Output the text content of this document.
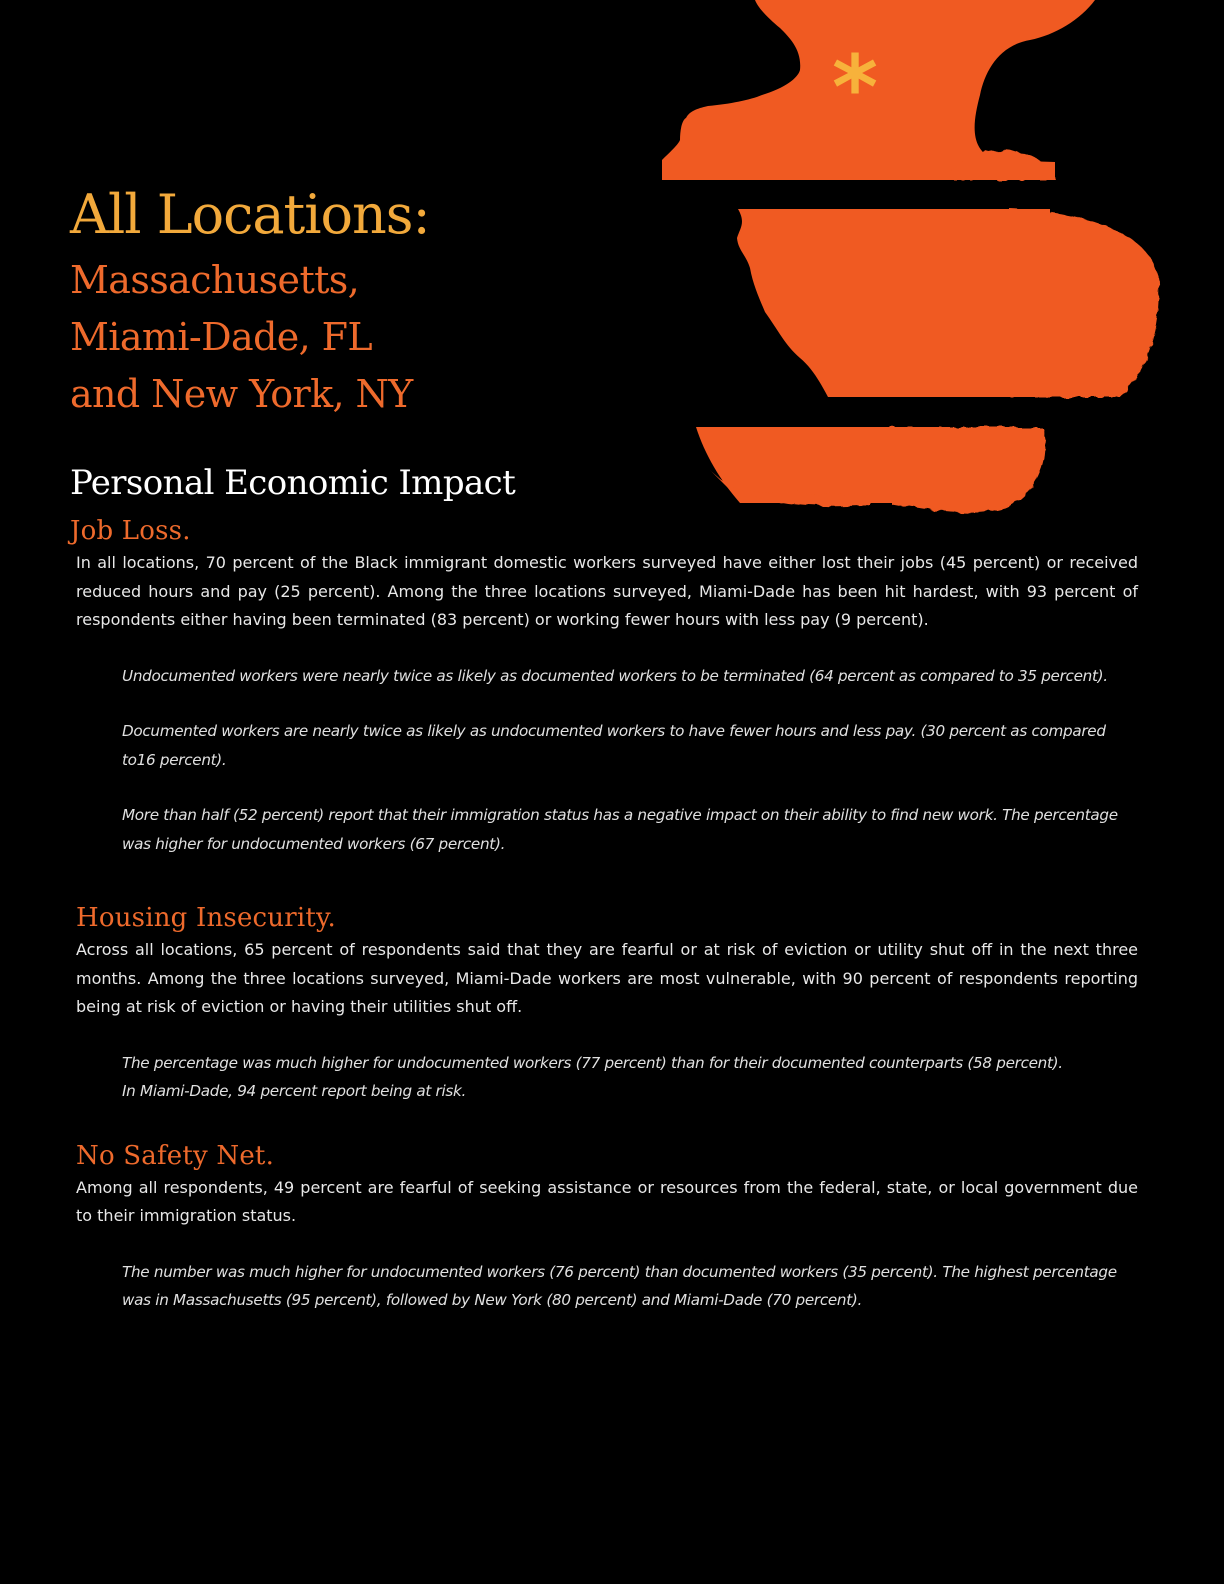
*
All Locations:
Massachusetts,
Miami-Dade, FL
and New York, NY
Personal Economic Impact
Job Loss.

In all locations, 70 percent of the Black immigrant domestic workers surveyed have either lost their jobs (45 percent) or received reduced hours and pay (25 percent). Among the three locations surveyed, Miami-Dade has been hit hardest, with 93 percent of respondents either having been terminated (83 percent) or working fewer hours with less pay (9 percent).

Undocumented workers were nearly twice as likely as documented workers to be terminated (64 percent as compared to 35 percent).

Documented workers are nearly twice as likely as undocumented workers to have fewer hours and less pay. (30 percent as compared to16 percent).

More than half (52 percent) report that their immigration status has a negative impact on their ability to find new work. The percentage was higher for undocumented workers (67 percent).

Housing Insecurity.

Across all locations, 65 percent of respondents said that they are fearful or at risk of eviction or utility shut off in the next three months. Among the three locations surveyed, Miami-Dade workers are most vulnerable, with 90 percent of respondents reporting being at risk of eviction or having their utilities shut off.

The percentage was much higher for undocumented workers (77 percent) than for their documented counterparts (58 percent).
In Miami-Dade, 94 percent report being at risk.

No Safety Net.

Among all respondents, 49 percent are fearful of seeking assistance or resources from the federal, state, or local government due to their immigration status.

The number was much higher for undocumented workers (76 percent) than documented workers (35 percent). The highest percentage was in Massachusetts (95 percent), followed by New York (80 percent) and Miami-Dade (70 percent).
